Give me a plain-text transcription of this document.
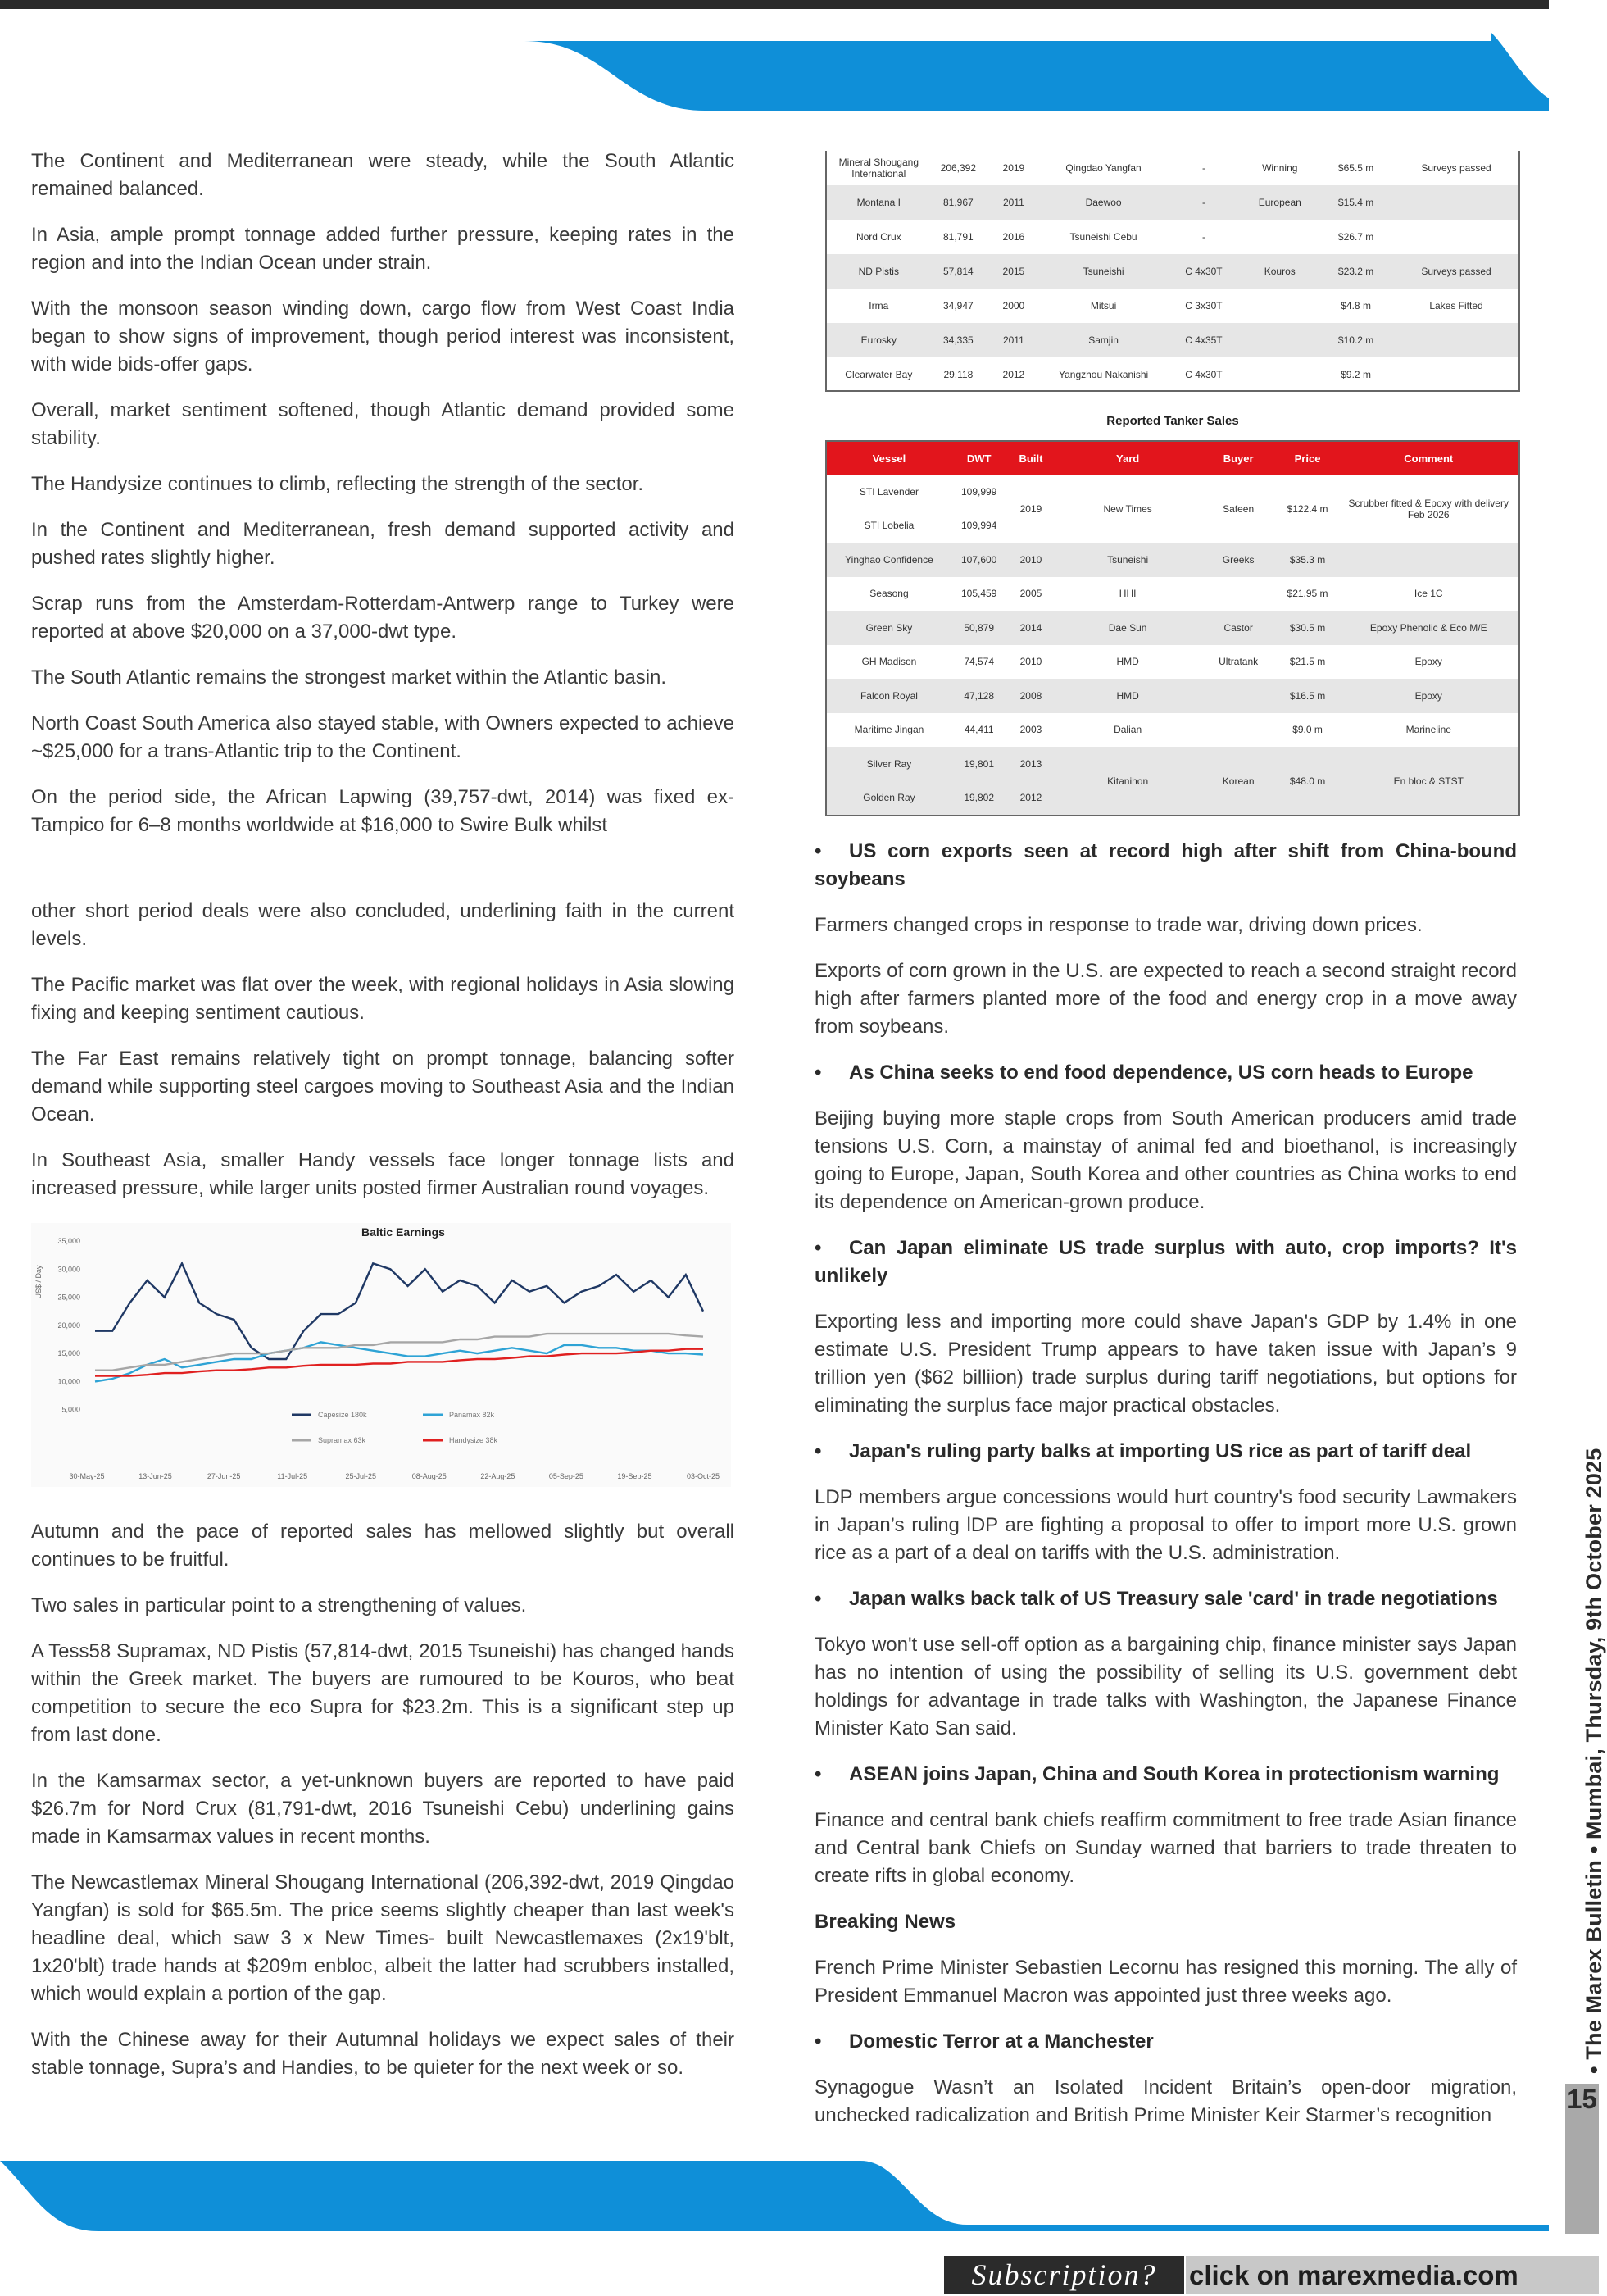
The Continent and Mediterranean were steady, while the South Atlantic remained balanced.

In Asia, ample prompt tonnage added further pressure, keeping rates in the region and into the Indian Ocean under strain.

With the monsoon season winding down, cargo flow from West Coast India began to show signs of improvement, though period interest was inconsistent, with wide bids-offer gaps.

Overall, market sentiment softened, though Atlantic demand provided some stability.

The Handysize continues to climb, reflecting the strength of the sector.

In the Continent and Mediterranean, fresh demand supported activity and pushed rates slightly higher.

Scrap runs from the Amsterdam-Rotterdam-Antwerp range to Turkey were reported at above $20,000 on a 37,000-dwt type.

The South Atlantic remains the strongest market within the Atlantic basin.

North Coast South America also stayed stable, with Owners expected to achieve ~$25,000 for a trans-Atlantic trip to the Continent.

On the period side, the African Lapwing (39,757-dwt, 2014) was fixed ex-Tampico for 6–8 months worldwide at $16,000 to Swire Bulk whilst

other short period deals were also concluded, underlining faith in the current levels.

The Pacific market was flat over the week, with regional holidays in Asia slowing fixing and keeping sentiment cautious.

The Far East remains relatively tight on prompt tonnage, balancing softer demand while supporting steel cargoes moving to Southeast Asia and the Indian Ocean.

In Southeast Asia, smaller Handy vessels face longer tonnage lists and increased pressure, while larger units posted firmer Australian round voyages.

Baltic Earnings
US$ / Day
35,000
30,000
25,000
20,000
15,000
10,000
5,000
30-May-25	13-Jun-25	27-Jun-25	11-Jul-25	25-Jul-25	08-Aug-25	22-Aug-25	05-Sep-25	19-Sep-25	03-Oct-25
Capesize 180k	Panamax 82k
Supramax 63k	Handysize 38k

Autumn and the pace of reported sales has mellowed slightly but overall continues to be fruitful.

Two sales in particular point to a strengthening of values.

A Tess58 Supramax, ND Pistis (57,814-dwt, 2015 Tsuneishi) has changed hands within the Greek market. The buyers are rumoured to be Kouros, who beat competition to secure the eco Supra for $23.2m. This is a significant step up from last done.

In the Kamsarmax sector, a yet-unknown buyers are reported to have paid $26.7m for Nord Crux (81,791-dwt, 2016 Tsuneishi Cebu) underlining gains made in Kamsarmax values in recent months.

The Newcastlemax Mineral Shougang International (206,392-dwt, 2019 Qingdao Yangfan) is sold for $65.5m. The price seems slightly cheaper than last week's headline deal, which saw 3 x New Times- built Newcastlemaxes (2x19'blt, 1x20'blt) trade hands at $209m enbloc, albeit the latter had scrubbers installed, which would explain a portion of the gap.

With the Chinese away for their Autumnal holidays we expect sales of their stable tonnage, Supra’s and Handies, to be quieter for the next week or so.

Mineral Shougang International	206,392	2019	Qingdao Yangfan	-	Winning	$65.5 m	Surveys passed
Montana I	81,967	2011	Daewoo	-	European	$15.4 m	
Nord Crux	81,791	2016	Tsuneishi Cebu	-		$26.7 m	
ND Pistis	57,814	2015	Tsuneishi	C 4x30T	Kouros	$23.2 m	Surveys passed
Irma	34,947	2000	Mitsui	C 3x30T		$4.8 m	Lakes Fitted
Eurosky	34,335	2011	Samjin	C 4x35T		$10.2 m	
Clearwater Bay	29,118	2012	Yangzhou Nakanishi	C 4x30T		$9.2 m	
Reported Tanker Sales
Vessel	DWT	Built	Yard	Buyer	Price	Comment
STI Lavender	109,999	2019	New Times	Safeen	$122.4 m	Scrubber fitted & Epoxy with delivery Feb 2026
STI Lobelia	109,994					
Yinghao Confidence	107,600	2010	Tsuneishi	Greeks	$35.3 m	
Seasong	105,459	2005	HHI		$21.95 m	Ice 1C
Green Sky	50,879	2014	Dae Sun	Castor	$30.5 m	Epoxy Phenolic & Eco M/E
GH Madison	74,574	2010	HMD	Ultratank	$21.5 m	Epoxy
Falcon Royal	47,128	2008	HMD		$16.5 m	Epoxy
Maritime Jingan	44,411	2003	Dalian		$9.0 m	Marineline
Silver Ray	19,801	2013	Kitanihon	Korean	$48.0 m	En bloc & STST
Golden Ray	19,802	2012				
• US corn exports seen at record high after shift from China-bound soybeans
Farmers changed crops in response to trade war, driving down prices.
Exports of corn grown in the U.S. are expected to reach a second straight record high after farmers planted more of the food and energy crop in a move away from soybeans.
• As China seeks to end food dependence, US corn heads to Europe
Beijing buying more staple crops from South American producers amid trade tensions U.S. Corn, a mainstay of animal fed and bioethanol, is increasingly going to Europe, Japan, South Korea and other countries as China works to end its dependence on American-grown produce.
• Can Japan eliminate US trade surplus with auto, crop imports? It's unlikely
Exporting less and importing more could shave Japan's GDP by 1.4% in one estimate U.S. President Trump appears to have taken issue with Japan’s 9 trillion yen ($62 billiion) trade surplus during tariff negotiations, but options for eliminating the surplus face major practical obstacles.
• Japan's ruling party balks at importing US rice as part of tariff deal
LDP members argue concessions would hurt country's food security Lawmakers in Japan’s ruling lDP are fighting a proposal to offer to import more U.S. grown rice as a part of a deal on tariffs with the U.S. administration.
• Japan walks back talk of US Treasury sale 'card' in trade negotiations
Tokyo won't use sell-off option as a bargaining chip, finance minister says Japan has no intention of using the possibility of selling its U.S. government debt holdings for advantage in trade talks with Washington, the Japanese Finance Minister Kato San said.
• ASEAN joins Japan, China and South Korea in protectionism warning
Finance and central bank chiefs reaffirm commitment to free trade Asian finance and Central bank Chiefs on Sunday warned that barriers to trade threaten to create rifts in global economy.
Breaking News
French Prime Minister Sebastien Lecornu has resigned this morning. The ally of President Emmanuel Macron was appointed just three weeks ago.
• Domestic Terror at a Manchester
Synagogue Wasn’t an Isolated Incident Britain’s open-door migration, unchecked radicalization and British Prime Minister Keir Starmer’s recognition
15
• The Marex Bulletin • Mumbai, Thursday, 9th October 2025
Subscription?	click on marexmedia.com
